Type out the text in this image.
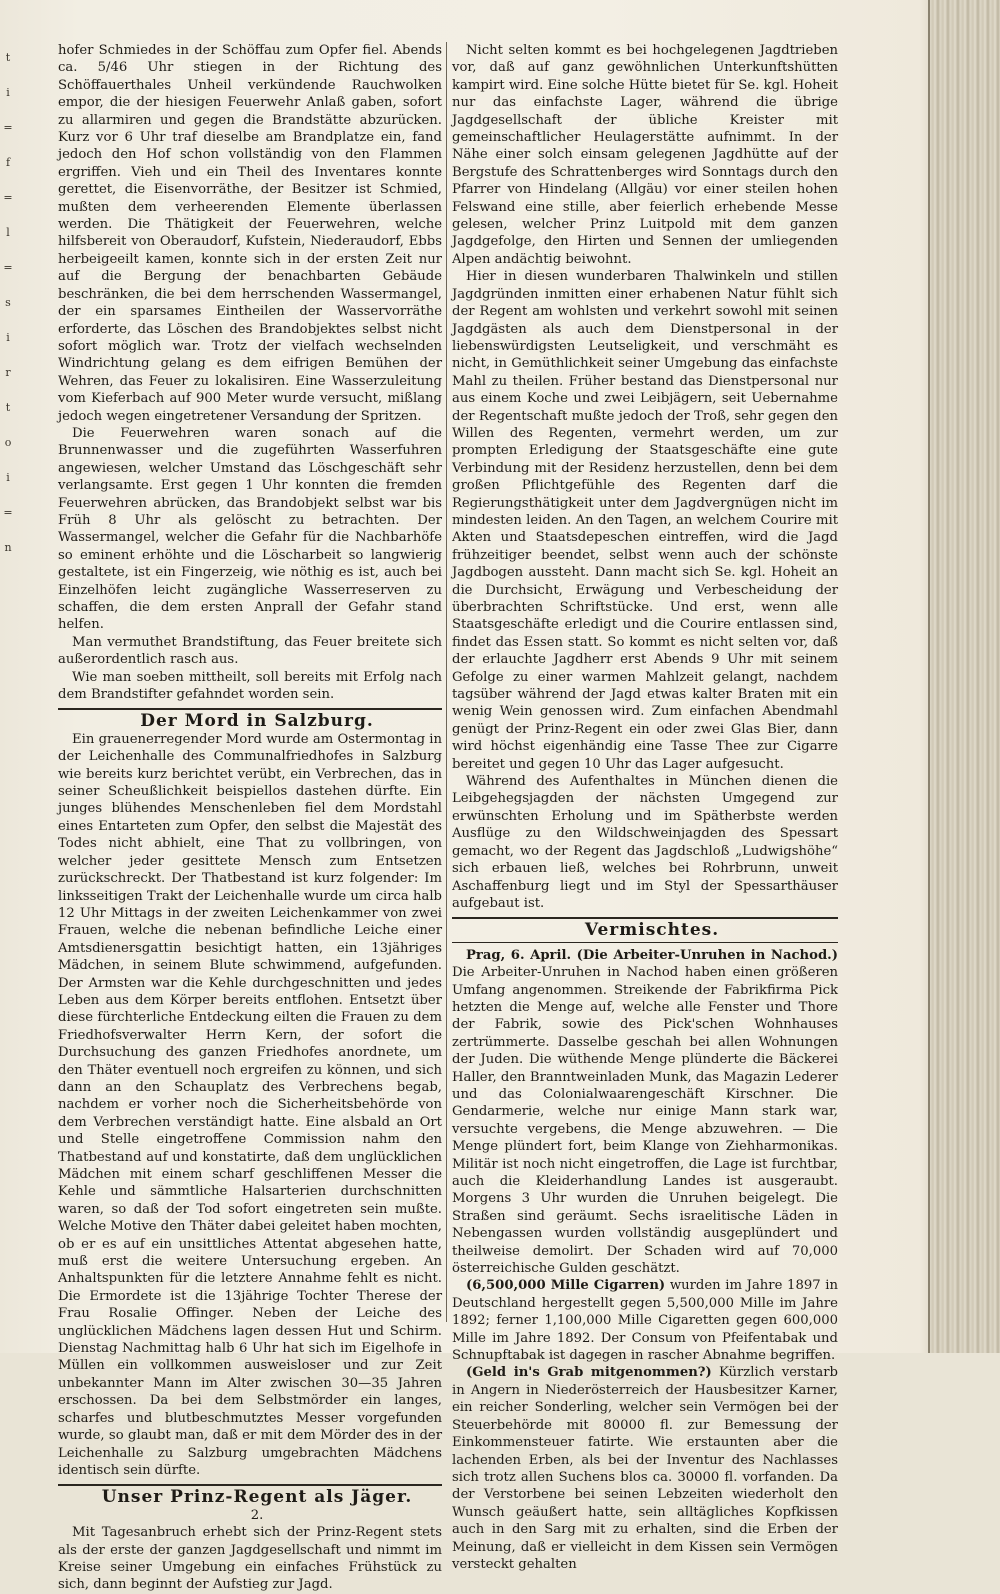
t
i
=
f
=
l
=
s
i
r
t
o
i
=
n

hofer Schmiedes in der Schöffau zum Opfer fiel. Abends ca. 5/46 Uhr stiegen in der Richtung des Schöffauerthales Unheil verkündende Rauchwolken empor, die der hiesigen Feuerwehr Anlaß gaben, sofort zu allarmiren und gegen die Brandstätte abzurücken. Kurz vor 6 Uhr traf dieselbe am Brandplatze ein, fand jedoch den Hof schon vollständig von den Flammen ergriffen. Vieh und ein Theil des Inventares konnte gerettet, die Eisenvorräthe, der Besitzer ist Schmied, mußten dem verheerenden Elemente überlassen werden. Die Thätigkeit der Feuerwehren, welche hilfsbereit von Oberaudorf, Kufstein, Niederaudorf, Ebbs herbeigeeilt kamen, konnte sich in der ersten Zeit nur auf die Bergung der benachbarten Gebäude beschränken, die bei dem herrschenden Wassermangel, der ein sparsames Eintheilen der Wasservorräthe erforderte, das Löschen des Brandobjektes selbst nicht sofort möglich war. Trotz der vielfach wechselnden Windrichtung gelang es dem eifrigen Bemühen der Wehren, das Feuer zu lokalisiren. Eine Wasserzuleitung vom Kieferbach auf 900 Meter wurde versucht, mißlang jedoch wegen eingetretener Versandung der Spritzen.

Die Feuerwehren waren sonach auf die Brunnenwasser und die zugeführten Wasserfuhren angewiesen, welcher Umstand das Löschgeschäft sehr verlangsamte. Erst gegen 1 Uhr konnten die fremden Feuerwehren abrücken, das Brandobjekt selbst war bis Früh 8 Uhr als gelöscht zu betrachten. Der Wassermangel, welcher die Gefahr für die Nachbarhöfe so eminent erhöhte und die Löscharbeit so langwierig gestaltete, ist ein Fingerzeig, wie nöthig es ist, auch bei Einzelhöfen leicht zugängliche Wasserreserven zu schaffen, die dem ersten Anprall der Gefahr stand helfen.

Man vermuthet Brandstiftung, das Feuer breitete sich außerordentlich rasch aus.

Wie man soeben mittheilt, soll bereits mit Erfolg nach dem Brandstifter gefahndet worden sein.

Der Mord in Salzburg.

Ein grauenerregender Mord wurde am Ostermontag in der Leichenhalle des Communalfriedhofes in Salzburg wie bereits kurz berichtet verübt, ein Verbrechen, das in seiner Scheußlichkeit beispiellos dastehen dürfte. Ein junges blühendes Menschenleben fiel dem Mordstahl eines Entarteten zum Opfer, den selbst die Majestät des Todes nicht abhielt, eine That zu vollbringen, von welcher jeder gesittete Mensch zum Entsetzen zurückschreckt. Der Thatbestand ist kurz folgender: Im linksseitigen Trakt der Leichenhalle wurde um circa halb 12 Uhr Mittags in der zweiten Leichenkammer von zwei Frauen, welche die nebenan befindliche Leiche einer Amtsdienersgattin besichtigt hatten, ein 13jähriges Mädchen, in seinem Blute schwimmend, aufgefunden. Der Armsten war die Kehle durchgeschnitten und jedes Leben aus dem Körper bereits entflohen. Entsetzt über diese fürchterliche Entdeckung eilten die Frauen zu dem Friedhofsverwalter Herrn Kern, der sofort die Durchsuchung des ganzen Friedhofes anordnete, um den Thäter eventuell noch ergreifen zu können, und sich dann an den Schauplatz des Verbrechens begab, nachdem er vorher noch die Sicherheitsbehörde von dem Verbrechen verständigt hatte. Eine alsbald an Ort und Stelle eingetroffene Commission nahm den Thatbestand auf und konstatirte, daß dem unglücklichen Mädchen mit einem scharf geschliffenen Messer die Kehle und sämmtliche Halsarterien durchschnitten waren, so daß der Tod sofort eingetreten sein mußte. Welche Motive den Thäter dabei geleitet haben mochten, ob er es auf ein unsittliches Attentat abgesehen hatte, muß erst die weitere Untersuchung ergeben. An Anhaltspunkten für die letztere Annahme fehlt es nicht. Die Ermordete ist die 13jährige Tochter Therese der Frau Rosalie Offinger. Neben der Leiche des unglücklichen Mädchens lagen dessen Hut und Schirm. Dienstag Nachmittag halb 6 Uhr hat sich im Eigelhofe in Müllen ein vollkommen ausweisloser und zur Zeit unbekannter Mann im Alter zwischen 30—35 Jahren erschossen. Da bei dem Selbstmörder ein langes, scharfes und blutbeschmutztes Messer vorgefunden wurde, so glaubt man, daß er mit dem Mörder des in der Leichenhalle zu Salzburg umgebrachten Mädchens identisch sein dürfte.

Unser Prinz-Regent als Jäger.

2.

Mit Tagesanbruch erhebt sich der Prinz-Regent stets als der erste der ganzen Jagdgesellschaft und nimmt im Kreise seiner Umgebung ein einfaches Frühstück zu sich, dann beginnt der Aufstieg zur Jagd.

Nicht selten kommt es bei hochgelegenen Jagdtrieben vor, daß auf ganz gewöhnlichen Unterkunftshütten kampirt wird. Eine solche Hütte bietet für Se. kgl. Hoheit nur das einfachste Lager, während die übrige Jagdgesellschaft der übliche Kreister mit gemeinschaftlicher Heulagerstätte aufnimmt. In der Nähe einer solch einsam gelegenen Jagdhütte auf der Bergstufe des Schrattenberges wird Sonntags durch den Pfarrer von Hindelang (Allgäu) vor einer steilen hohen Felswand eine stille, aber feierlich erhebende Messe gelesen, welcher Prinz Luitpold mit dem ganzen Jagdgefolge, den Hirten und Sennen der umliegenden Alpen andächtig beiwohnt.

Hier in diesen wunderbaren Thalwinkeln und stillen Jagdgründen inmitten einer erhabenen Natur fühlt sich der Regent am wohlsten und verkehrt sowohl mit seinen Jagdgästen als auch dem Dienstpersonal in der liebenswürdigsten Leutseligkeit, und verschmäht es nicht, in Gemüthlichkeit seiner Umgebung das einfachste Mahl zu theilen. Früher bestand das Dienstpersonal nur aus einem Koche und zwei Leibjägern, seit Uebernahme der Regentschaft mußte jedoch der Troß, sehr gegen den Willen des Regenten, vermehrt werden, um zur prompten Erledigung der Staatsgeschäfte eine gute Verbindung mit der Residenz herzustellen, denn bei dem großen Pflichtgefühle des Regenten darf die Regierungsthätigkeit unter dem Jagdvergnügen nicht im mindesten leiden. An den Tagen, an welchem Courire mit Akten und Staatsdepeschen eintreffen, wird die Jagd frühzeitiger beendet, selbst wenn auch der schönste Jagdbogen aussteht. Dann macht sich Se. kgl. Hoheit an die Durchsicht, Erwägung und Verbescheidung der überbrachten Schriftstücke. Und erst, wenn alle Staatsgeschäfte erledigt und die Courire entlassen sind, findet das Essen statt. So kommt es nicht selten vor, daß der erlauchte Jagdherr erst Abends 9 Uhr mit seinem Gefolge zu einer warmen Mahlzeit gelangt, nachdem tagsüber während der Jagd etwas kalter Braten mit ein wenig Wein genossen wird. Zum einfachen Abendmahl genügt der Prinz-Regent ein oder zwei Glas Bier, dann wird höchst eigenhändig eine Tasse Thee zur Cigarre bereitet und gegen 10 Uhr das Lager aufgesucht.

Während des Aufenthaltes in München dienen die Leibgehegsjagden der nächsten Umgegend zur erwünschten Erholung und im Spätherbste werden Ausflüge zu den Wildschweinjagden des Spessart gemacht, wo der Regent das Jagdschloß „Ludwigshöhe“ sich erbauen ließ, welches bei Rohrbrunn, unweit Aschaffenburg liegt und im Styl der Spessarthäuser aufgebaut ist.

Vermischtes.

Prag, 6. April. (Die Arbeiter-Unruhen in Nachod.) Die Arbeiter-Unruhen in Nachod haben einen größeren Umfang angenommen. Streikende der Fabrikfirma Pick hetzten die Menge auf, welche alle Fenster und Thore der Fabrik, sowie des Pick'schen Wohnhauses zertrümmerte. Dasselbe geschah bei allen Wohnungen der Juden. Die wüthende Menge plünderte die Bäckerei Haller, den Branntweinladen Munk, das Magazin Lederer und das Colonialwaarengeschäft Kirschner. Die Gendarmerie, welche nur einige Mann stark war, versuchte vergebens, die Menge abzuwehren. — Die Menge plündert fort, beim Klange von Ziehharmonikas. Militär ist noch nicht eingetroffen, die Lage ist furchtbar, auch die Kleiderhandlung Landes ist ausgeraubt. Morgens 3 Uhr wurden die Unruhen beigelegt. Die Straßen sind geräumt. Sechs israelitische Läden in Nebengassen wurden vollständig ausgeplündert und theilweise demolirt. Der Schaden wird auf 70,000 österreichische Gulden geschätzt.

(6,500,000 Mille Cigarren) wurden im Jahre 1897 in Deutschland hergestellt gegen 5,500,000 Mille im Jahre 1892; ferner 1,100,000 Mille Cigaretten gegen 600,000 Mille im Jahre 1892. Der Consum von Pfeifentabak und Schnupftabak ist dagegen in rascher Abnahme begriffen.

(Geld in's Grab mitgenommen?) Kürzlich verstarb in Angern in Niederösterreich der Hausbesitzer Karner, ein reicher Sonderling, welcher sein Vermögen bei der Steuerbehörde mit 80000 fl. zur Bemessung der Einkommensteuer fatirte. Wie erstaunten aber die lachenden Erben, als bei der Inventur des Nachlasses sich trotz allen Suchens blos ca. 30000 fl. vorfanden. Da der Verstorbene bei seinen Lebzeiten wiederholt den Wunsch geäußert hatte, sein alltägliches Kopfkissen auch in den Sarg mit zu erhalten, sind die Erben der Meinung, daß er vielleicht in dem Kissen sein Vermögen versteckt gehalten
